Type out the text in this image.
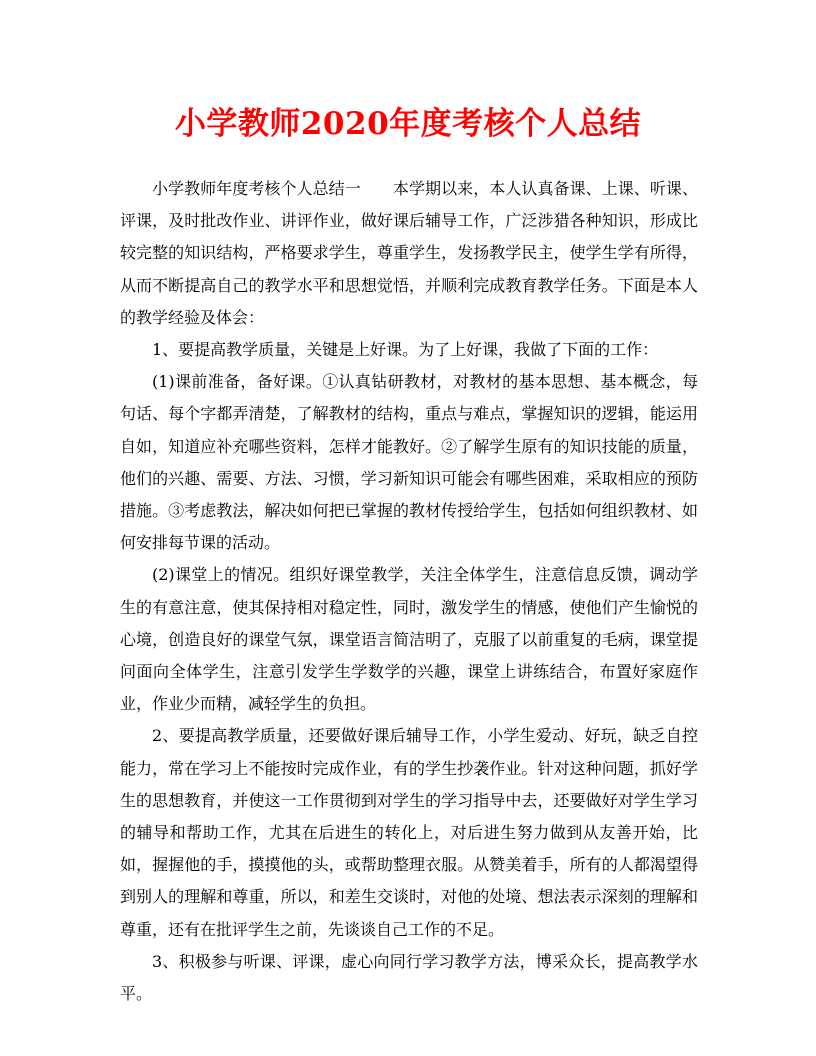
小学教师2020年度考核个人总结

小学教师年度考核个人总结一　　本学期以来，本人认真备课、上课、听课、评课，及时批改作业、讲评作业，做好课后辅导工作，广泛涉猎各种知识，形成比较完整的知识结构，严格要求学生，尊重学生，发扬教学民主，使学生学有所得，从而不断提高自己的教学水平和思想觉悟，并顺利完成教育教学任务。下面是本人的教学经验及体会：

1、要提高教学质量，关键是上好课。为了上好课，我做了下面的工作：

(1)课前准备，备好课。①认真钻研教材，对教材的基本思想、基本概念，每句话、每个字都弄清楚，了解教材的结构，重点与难点，掌握知识的逻辑，能运用自如，知道应补充哪些资料，怎样才能教好。②了解学生原有的知识技能的质量，他们的兴趣、需要、方法、习惯，学习新知识可能会有哪些困难，采取相应的预防措施。③考虑教法，解决如何把已掌握的教材传授给学生，包括如何组织教材、如何安排每节课的活动。

(2)课堂上的情况。组织好课堂教学，关注全体学生，注意信息反馈，调动学生的有意注意，使其保持相对稳定性，同时，激发学生的情感，使他们产生愉悦的心境，创造良好的课堂气氛，课堂语言简洁明了，克服了以前重复的毛病，课堂提问面向全体学生，注意引发学生学数学的兴趣，课堂上讲练结合，布置好家庭作业，作业少而精，减轻学生的负担。

2、要提高教学质量，还要做好课后辅导工作，小学生爱动、好玩，缺乏自控能力，常在学习上不能按时完成作业，有的学生抄袭作业。针对这种问题，抓好学生的思想教育，并使这一工作贯彻到对学生的学习指导中去，还要做好对学生学习的辅导和帮助工作，尤其在后进生的转化上，对后进生努力做到从友善开始，比如，握握他的手，摸摸他的头，或帮助整理衣服。从赞美着手，所有的人都渴望得到别人的理解和尊重，所以，和差生交谈时，对他的处境、想法表示深刻的理解和尊重，还有在批评学生之前，先谈谈自己工作的不足。

3、积极参与听课、评课，虚心向同行学习教学方法，博采众长，提高教学水平。
